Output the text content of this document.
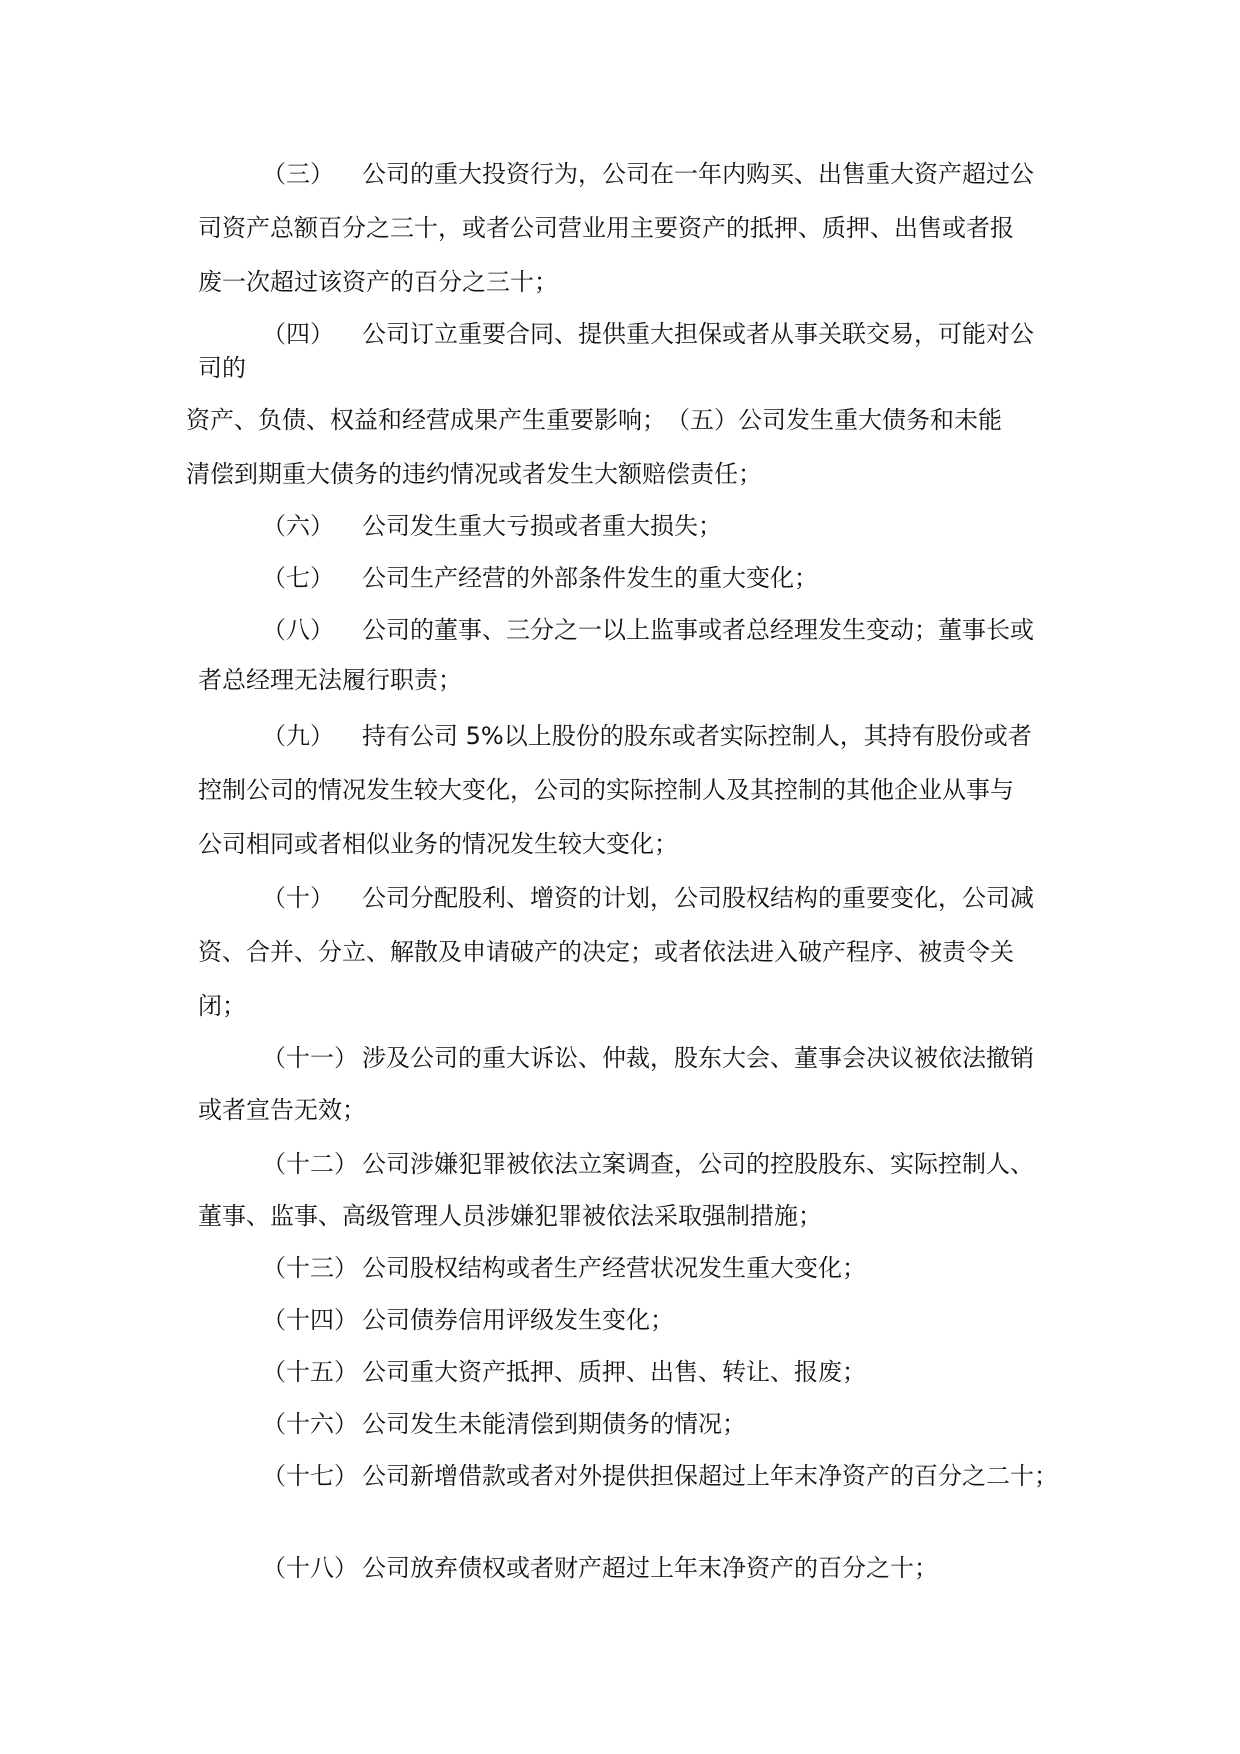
（三） 公司的重大投资行为，公司在一年内购买、出售重大资产超过公
司资产总额百分之三十，或者公司营业用主要资产的抵押、质押、出售或者报
废一次超过该资产的百分之三十；
（四） 公司订立重要合同、提供重大担保或者从事关联交易，可能对公
司的
资产、负债、权益和经营成果产生重要影响；　（五）公司发生重大债务和未能
清偿到期重大债务的违约情况或者发生大额赔偿责任；
（六） 公司发生重大亏损或者重大损失；
（七） 公司生产经营的外部条件发生的重大变化；
（八） 公司的董事、三分之一以上监事或者总经理发生变动；董事长或
者总经理无法履行职责；
（九） 持有公司 5%以上股份的股东或者实际控制人，其持有股份或者
控制公司的情况发生较大变化，公司的实际控制人及其控制的其他企业从事与
公司相同或者相似业务的情况发生较大变化；
（十） 公司分配股利、增资的计划，公司股权结构的重要变化，公司减
资、合并、分立、解散及申请破产的决定；或者依法进入破产程序、被责令关
闭；
（十一） 涉及公司的重大诉讼、仲裁，股东大会、董事会决议被依法撤销
或者宣告无效；
（十二） 公司涉嫌犯罪被依法立案调查，公司的控股股东、实际控制人、
董事、监事、高级管理人员涉嫌犯罪被依法采取强制措施；
（十三） 公司股权结构或者生产经营状况发生重大变化；
（十四） 公司债券信用评级发生变化；
（十五） 公司重大资产抵押、质押、出售、转让、报废；
（十六） 公司发生未能清偿到期债务的情况；
（十七） 公司新增借款或者对外提供担保超过上年末净资产的百分之二十；
（十八） 公司放弃债权或者财产超过上年末净资产的百分之十；
